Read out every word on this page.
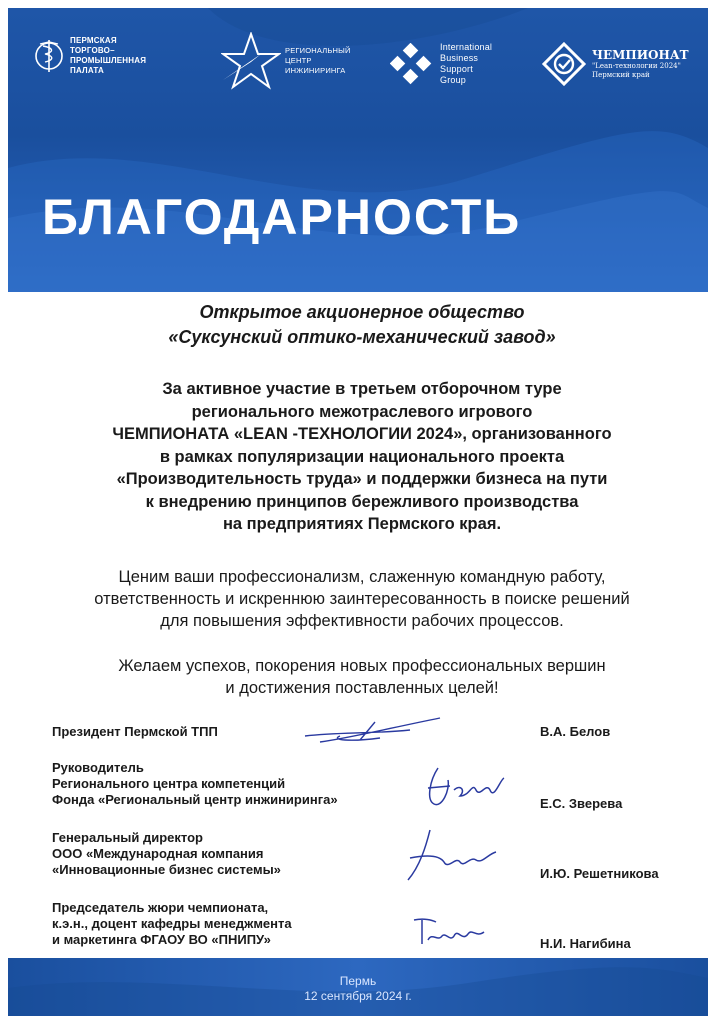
ПЕРМСКАЯ
ТОРГОВО–ПРОМЫШЛЕННАЯ
ПАЛАТА
РЕГИОНАЛЬНЫЙ
ЦЕНТР
ИНЖИНИРИНГА
International
Business
Support
Group
ЧЕМПИОНАТ
"Lean-технологии 2024"
Пермский край
БЛАГОДАРНОСТЬ
Открытое акционерное общество
«Суксунский оптико-механический завод»
За активное участие в третьем отборочном туре
регионального межотраслевого игрового
ЧЕМПИОНАТА «LEAN -ТЕХНОЛОГИИ 2024», организованного
в рамках популяризации национального проекта
«Производительность труда» и поддержки бизнеса на пути
к внедрению принципов бережливого производства
на предприятиях Пермского края.
Ценим ваши профессионализм, слаженную командную работу,
ответственность и искреннюю заинтересованность в поиске решений
для повышения эффективности рабочих процессов.
Желаем успехов, покорения новых профессиональных вершин
и достижения поставленных целей!
Президент Пермской ТПП	В.А. Белов
Руководитель
Регионального центра компетенций
Фонда «Региональный центр инжиниринга»	Е.С. Зверева
Генеральный директор
ООО «Международная компания
«Инновационные бизнес системы»	И.Ю. Решетникова
Председатель жюри чемпионата,
к.э.н., доцент кафедры менеджмента
и маркетинга ФГАОУ ВО «ПНИПУ»	Н.И. Нагибина
Пермь
12 сентября 2024 г.
